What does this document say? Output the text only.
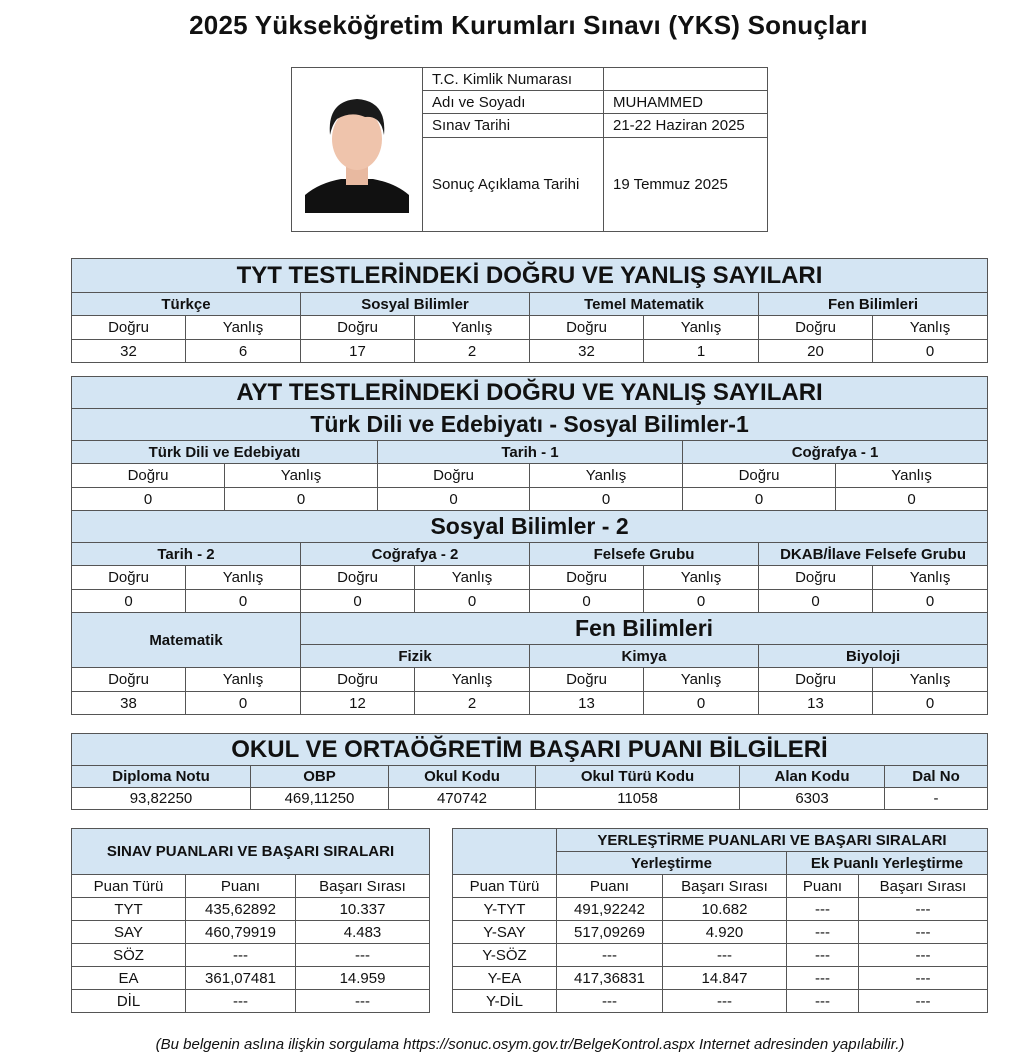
2025 Yükseköğretim Kurumları Sınavı (YKS) Sonuçları
	T.C. Kimlik Numarası	
	Adı ve Soyadı	MUHAMMED
	Sınav Tarihi	21-22 Haziran 2025
	Sonuç Açıklama Tarihi	19 Temmuz 2025
TYT TESTLERİNDEKİ DOĞRU VE YANLIŞ SAYILARI							
Türkçe		Sosyal Bilimler		Temel Matematik		Fen Bilimleri	
Doğru	Yanlış	Doğru	Yanlış	Doğru	Yanlış	Doğru	Yanlış
32	6	17	2	32	1	20	0
AYT TESTLERİNDEKİ DOĞRU VE YANLIŞ SAYILARI											
Türk Dili ve Edebiyatı - Sosyal Bilimler-1											
Türk Dili ve Edebiyatı				Tarih - 1				Coğrafya - 1			
Doğru		Yanlış		Doğru		Yanlış		Doğru		Yanlış	
0		0		0		0		0		0	
Sosyal Bilimler - 2											
Tarih - 2			Coğrafya - 2			Felsefe Grubu			DKAB/İlave Felsefe Grubu		
Doğru	Yanlış		Doğru		Yanlış	Doğru	Yanlış		Doğru		Yanlış
0	0		0		0	0	0		0		0
Matematik			Fen Bilimleri								
			Fizik			Kimya			Biyoloji		
Doğru	Yanlış		Doğru		Yanlış	Doğru	Yanlış		Doğru		Yanlış
38	0		12		2	13	0		13		0
OKUL VE ORTAÖĞRETİM BAŞARI PUANI BİLGİLERİ					
Diploma Notu	OBP	Okul Kodu	Okul Türü Kodu	Alan Kodu	Dal No
93,82250	469,11250	470742	11058	6303	-
SINAV PUANLARI VE BAŞARI SIRALARI		
Puan Türü	Puanı	Başarı Sırası
TYT	435,62892	10.337
SAY	460,79919	4.483
SÖZ	---	---
EA	361,07481	14.959
DİL	---	---
	YERLEŞTİRME PUANLARI VE BAŞARI SIRALARI			
	Yerleştirme		Ek Puanlı Yerleştirme	
Puan Türü	Puanı	Başarı Sırası	Puanı	Başarı Sırası
Y-TYT	491,92242	10.682	---	---
Y-SAY	517,09269	4.920	---	---
Y-SÖZ	---	---	---	---
Y-EA	417,36831	14.847	---	---
Y-DİL	---	---	---	---
(Bu belgenin aslına ilişkin sorgulama https://sonuc.osym.gov.tr/BelgeKontrol.aspx Internet adresinden yapılabilir.)
